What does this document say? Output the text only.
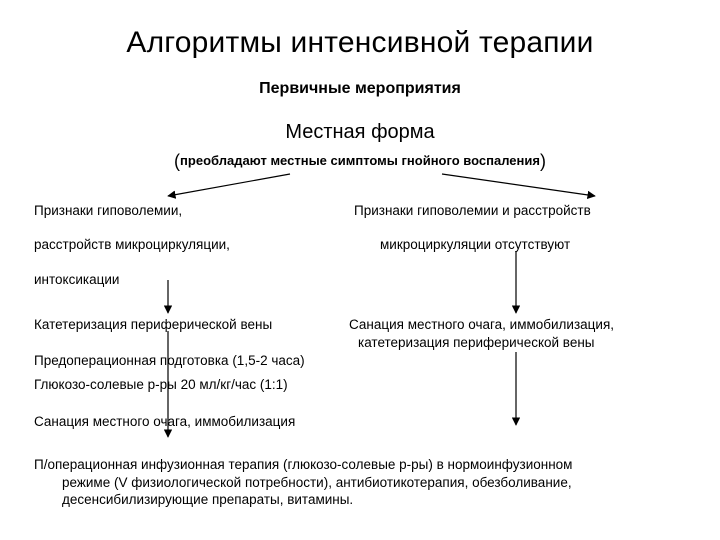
Алгоритмы интенсивной терапии
Первичные мероприятия
Местная форма
(преобладают местные симптомы гнойного воспаления)
Признаки гиповолемии,
расстройств микроциркуляции,
интоксикации
Признаки гиповолемии и расстройств
микроциркуляции отсутствуют
Катетеризация периферической вены	Санация местного очага, иммобилизация,
катетеризация периферической вены
Предоперационная подготовка (1,5-2 часа)
Глюкозо-солевые р-ры 20 мл/кг/час (1:1)
Санация местного очага, иммобилизация
П/операционная инфузионная терапия (глюкозо-солевые р-ры) в нормоинфузионном
режиме (V физиологической потребности), антибиотикотерапия, обезболивание,
десенсибилизирующие препараты, витамины.
